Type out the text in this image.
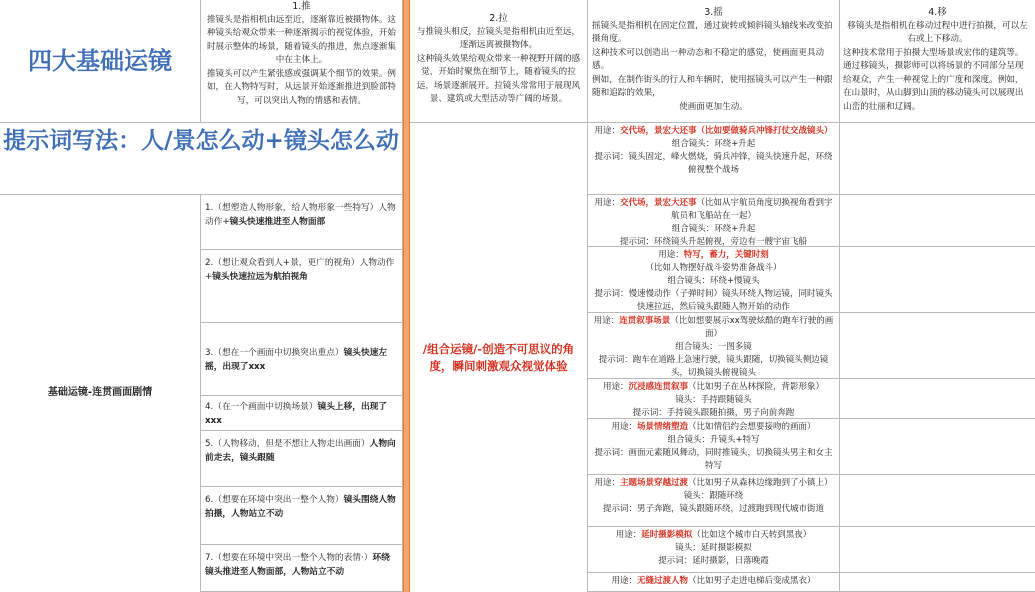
四大基础运镜
1.推
推镜头是指相机由远至近，逐渐靠近被摄物体。这种镜头给观众带来一种逐渐揭示的视觉体验，开始时展示整体的场景，随着镜头的推进，焦点逐渐集中在主体上。
推镜头可以产生紧张感或强调某个细节的效果。例如，在人物特写时，从远景开始逐渐推进到脸部特写，可以突出人物的情感和表情。
2.拉
与推镜头相反，拉镜头是指相机由近至远，逐渐远离被摄物体。
这种镜头效果给观众带来一种视野开阔的感觉，开始时聚焦在细节上，随着镜头的拉远，场景逐渐展开。拉镜头常常用于展现风景、建筑或大型活动等广阔的场景。
3.摇
摇镜头是指相机在固定位置，通过旋转或倾斜镜头轴线来改变拍摄角度。
这种技术可以创造出一种动态和不稳定的感觉，使画面更具动感。
例如，在制作街头的行人和车辆时，使用摇镜头可以产生一种跟随和追踪的效果，
使画面更加生动。
4.移
移镜头是指相机在移动过程中进行拍摄，可以左右或上下移动。
这种技术常用于拍摄大型场景或宏伟的建筑等。通过移镜头，摄影师可以将场景的不同部分呈现给观众，产生一种视觉上的广度和深度。例如，在山景时，从山脚到山顶的移动镜头可以展现出山峦的壮丽和辽阔。
提示词写法：人/景怎么动+镜头怎么动
基础运镜-连贯画面剧情
1.（想塑造人物形象，给人物形象一些特写）人物动作+镜头快速推进至人物面部
2.（想让观众看到人+景，更广的视角）人物动作+镜头快速拉远为航拍视角
3.（想在一个画面中切换突出重点）镜头快速左摇，出现了xxx
4.（在一个画面中切换场景）镜头上移，出现了xxx
5.（人物移动，但是不想让人物走出画面）人物向前走去，镜头跟随
6.（想要在环境中突出一整个人物）镜头围绕人物拍摄，人物站立不动
7.（想要在环境中突出一整个人物的表情·）环绕镜头推进至人物面部，人物站立不动
/组合运镜/-创造不可思议的角度，瞬间刺激观众视觉体验
用途：交代场，景宏大还事（比如要做骑兵冲锋打仗交战镜头）
组合镜头：环绕+升起
提示词：镜头固定，峰火燃烧，骑兵冲锋，镜头快速升起，环绕俯视整个战场
用途：交代场，景宏大还事（比如从宇航员角度切换视角看到宇航员和飞船站在一起）
组合镜头：环绕+升起
提示词：环绕镜头升起俯视，旁边有一艘宇宙飞船
用途：特写，蓄力，关键时刻（比如人物摆好战斗姿势准备战斗）
组合镜头：环绕+慢镜头
提示词：慢速慢动作（子弹时间）镜头环绕人物运镜，同时镜头快速拉远，然后镜头跟随人物开始的动作
用途：连贯叙事场景（比如想要展示xx驾驶炫酷的跑车行驶的画面）
组合镜头：一图多镜
提示词：跑车在道路上急速行驶，镜头跟随，切换镜头侧边镜头，切换镜头俯视镜头
用途：沉浸感连贯叙事（比如男子在丛林探险，背影形象）
镜头：手持跟随镜头
提示词：手持镜头跟随拍摄，男子向前奔跑
用途：场景情绪塑造（比如情侣约会想要接吻的画面）
组合镜头：升镜头+特写
提示词：画面元素随风舞动，同时推镜头，切换镜头男主和女主特写
用途：主题场景穿越过渡（比如男子从森林边缘跑到了小镇上）
镜头：跟随环绕
提示词：男子奔跑，镜头跟随环绕，过渡跑到现代城市街道
用途：延时摄影模拟（比如这个城市白天转到黑夜）
镜头：延时摄影模拟
提示词：延时摄影，日落晚霞
用途：无缝过渡人物（比如男子走进电梯后变成黑衣）
